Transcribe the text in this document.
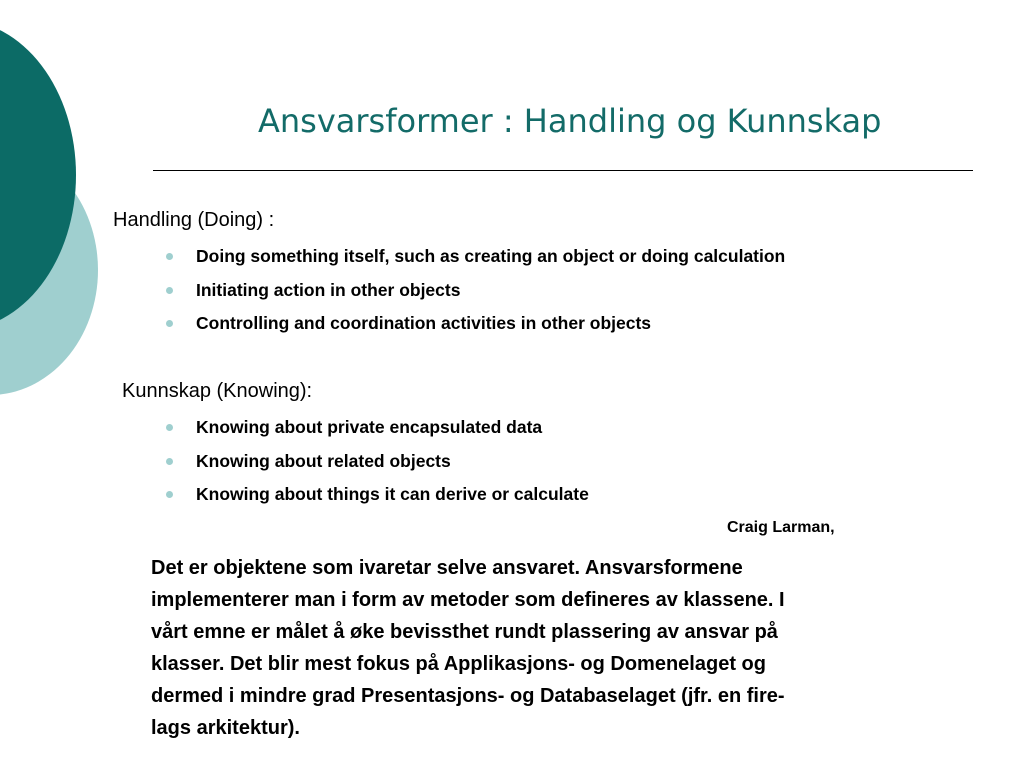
Ansvarsformer : Handling og Kunnskap
Handling (Doing) :
Doing something itself, such as creating an object or doing calculation
Initiating action in other objects
Controlling and coordination activities in other objects
Kunnskap (Knowing):
Knowing about private encapsulated data
Knowing about related objects
Knowing about things it can derive or calculate

Craig Larman,

Det er objektene som ivaretar selve ansvaret. Ansvarsformene
implementerer man i form av metoder som defineres av klassene. I
vårt emne er målet å øke bevissthet rundt plassering av ansvar på
klasser. Det blir mest fokus på Applikasjons- og Domenelaget og
dermed i mindre grad Presentasjons- og Databaselaget (jfr. en fire-
lags arkitektur).
